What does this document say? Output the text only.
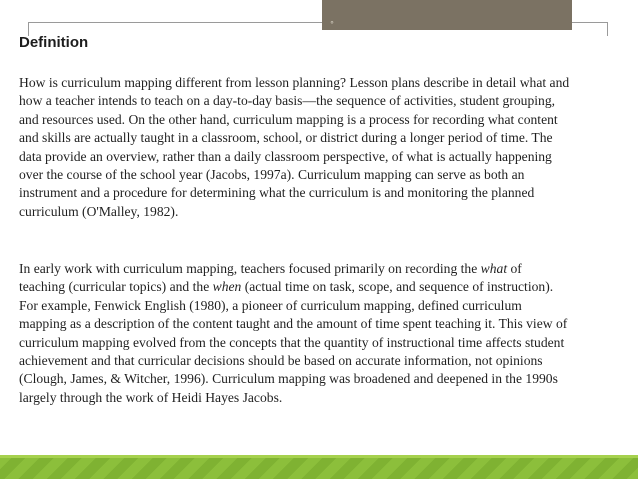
°
Definition

How is curriculum mapping different from lesson planning? Lesson plans describe in detail what and
how a teacher intends to teach on a day-to-day basis—the sequence of activities, student grouping,
and resources used. On the other hand, curriculum mapping is a process for recording what content
and skills are actually taught in a classroom, school, or district during a longer period of time. The
data provide an overview, rather than a daily classroom perspective, of what is actually happening
over the course of the school year (Jacobs, 1997a). Curriculum mapping can serve as both an
instrument and a procedure for determining what the curriculum is and monitoring the planned
curriculum (O'Malley, 1982).

In early work with curriculum mapping, teachers focused primarily on recording the what of
teaching (curricular topics) and the when (actual time on task, scope, and sequence of instruction).
For example, Fenwick English (1980), a pioneer of curriculum mapping, defined curriculum
mapping as a description of the content taught and the amount of time spent teaching it. This view of
curriculum mapping evolved from the concepts that the quantity of instructional time affects student
achievement and that curricular decisions should be based on accurate information, not opinions
(Clough, James, & Witcher, 1996). Curriculum mapping was broadened and deepened in the 1990s
largely through the work of Heidi Hayes Jacobs.
